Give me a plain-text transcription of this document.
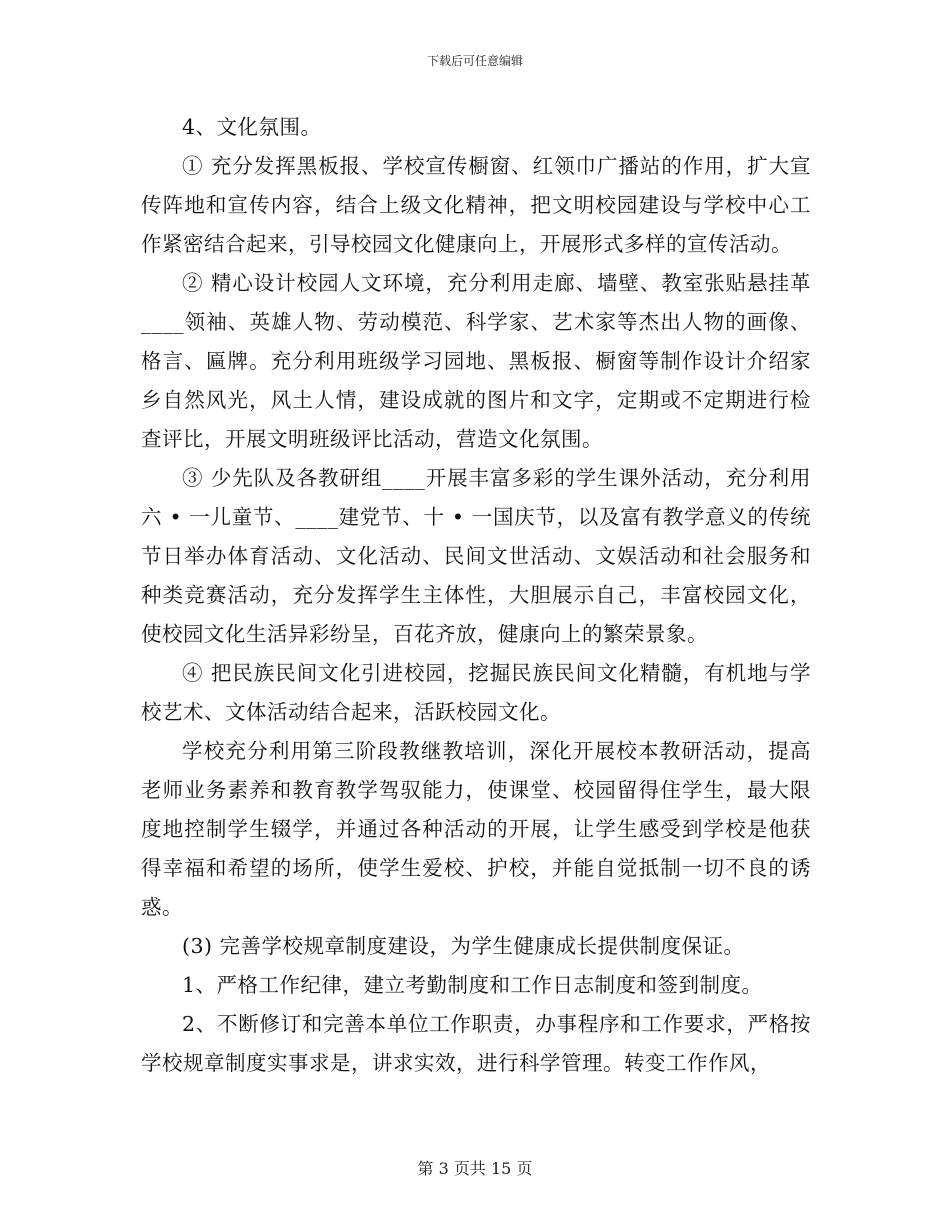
下载后可任意编辑

4、文化氛围。

① 充分发挥黑板报、学校宣传橱窗、红领巾广播站的作用，扩大宣传阵地和宣传内容，结合上级文化精神，把文明校园建设与学校中心工作紧密结合起来，引导校园文化健康向上，开展形式多样的宣传活动。

② 精心设计校园人文环境，充分利用走廊、墙壁、教室张贴悬挂革____领袖、英雄人物、劳动模范、科学家、艺术家等杰出人物的画像、格言、匾牌。充分利用班级学习园地、黑板报、橱窗等制作设计介绍家乡自然风光，风土人情，建设成就的图片和文字，定期或不定期进行检查评比，开展文明班级评比活动，营造文化氛围。

③ 少先队及各教研组____开展丰富多彩的学生课外活动，充分利用六 • 一儿童节、____建党节、十 • 一国庆节，以及富有教学意义的传统节日举办体育活动、文化活动、民间文世活动、文娱活动和社会服务和种类竞赛活动，充分发挥学生主体性，大胆展示自己，丰富校园文化，使校园文化生活异彩纷呈，百花齐放，健康向上的繁荣景象。

④ 把民族民间文化引进校园，挖掘民族民间文化精髓，有机地与学校艺术、文体活动结合起来，活跃校园文化。

学校充分利用第三阶段教继教培训，深化开展校本教研活动，提高老师业务素养和教育教学驾驭能力，使课堂、校园留得住学生，最大限度地控制学生辍学，并通过各种活动的开展，让学生感受到学校是他获得幸福和希望的场所，使学生爱校、护校，并能自觉抵制一切不良的诱惑。

(3) 完善学校规章制度建设，为学生健康成长提供制度保证。

1、严格工作纪律，建立考勤制度和工作日志制度和签到制度。

2、不断修订和完善本单位工作职责，办事程序和工作要求，严格按学校规章制度实事求是，讲求实效，进行科学管理。转变工作作风，

第 3 页共 15 页
